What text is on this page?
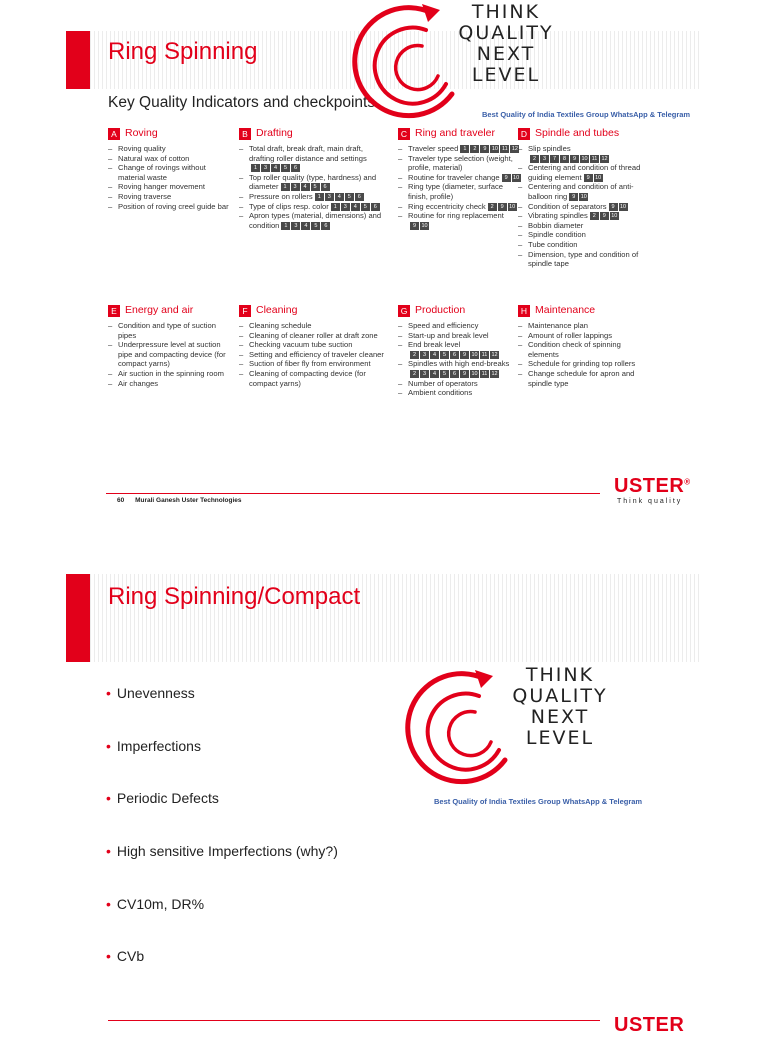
Ring Spinning
Key Quality Indicators and checkpoints
THINK
QUALITY
NEXT
LEVEL
Best Quality of India Textiles Group WhatsApp & Telegram
60 Murali Ganesh Uster Technologies
USTER®
Think quality
A Roving
– Roving quality
– Natural wax of cotton
– Change of rovings without material waste
– Roving hanger movement
– Roving traverse
– Position of roving creel guide bar
B Drafting
– Total draft, break draft, main draft, drafting roller distance and settings
1	3	4	5	6
– Top roller quality (type, hardness) and diameter 1	3	4	5	6
– Pressure on rollers 1	3	4	5	6
– Type of clips resp. color 1	3	4	5	6
– Apron types (material, dimensions) and condition 1	3	4	5	6
C Ring and traveler
– Traveler speed 1	2	9 10 11 12
– Traveler type selection (weight, profile, material)
– Routine for traveler change 9 10
– Ring type (diameter, surface finish, profile)
– Ring eccentricity check 2	9 10
– Routine for ring replacement
9 10
D Spindle and tubes
– Slip spindles
2	3	7	8	9 10 11 12
– Centering and condition of thread guiding element 9 10
– Centering and condition of anti-balloon ring 9 10
– Condition of separators 9 10
– Vibrating spindles 2	9 10
– Bobbin diameter
– Spindle condition
– Tube condition
– Dimension, type and condition of spindle tape
E Energy and air
– Condition and type of suction pipes
– Underpressure level at suction pipe and compacting device (for compact yarns)
– Air suction in the spinning room
– Air changes
F Cleaning
– Cleaning schedule
– Cleaning of cleaner roller at draft zone
– Checking vacuum tube suction
– Setting and efficiency of traveler cleaner
– Suction of fiber fly from environment
– Cleaning of compacting device (for compact yarns)
G Production
– Speed and efficiency
– Start-up and break level
– End break level
2	3	4	5	6	9 10 11 12
– Spindles with high end-breaks
2	3	4	5	6	9 10 11 12
– Number of operators
– Ambient conditions
H Maintenance
– Maintenance plan
– Amount of roller lappings
– Condition check of spinning elements
– Schedule for grinding top rollers
– Change schedule for apron and spindle type
Ring Spinning/Compact
• Unevenness
• Imperfections
• Periodic Defects
• High sensitive Imperfections (why?)
• CV10m, DR%
• CVb
THINK
QUALITY
NEXT
LEVEL
Best Quality of India Textiles Group WhatsApp & Telegram
USTER
